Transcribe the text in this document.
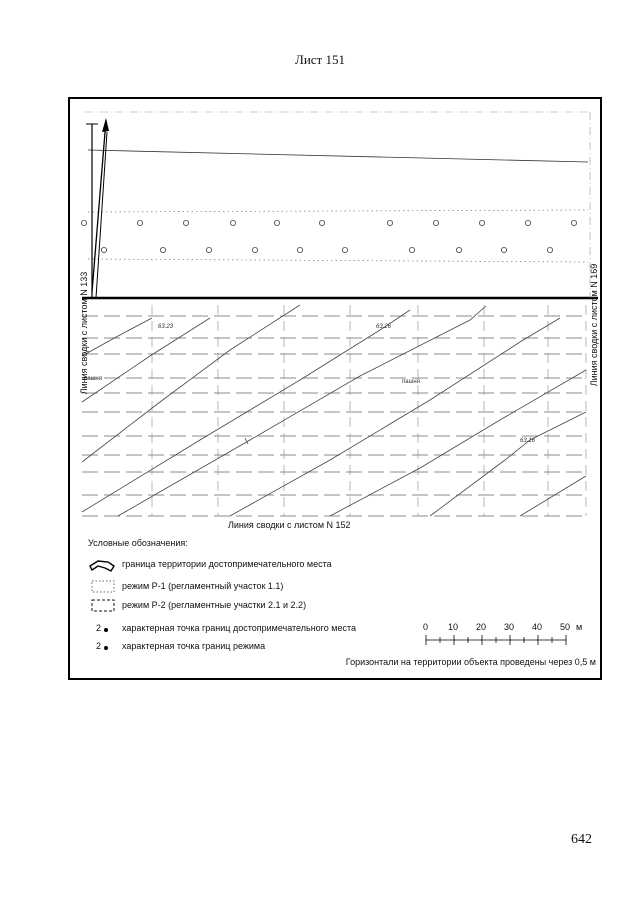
Лист 151
Линия сводки с листом N 133	Линия сводки с листом N 169
Линия сводки с листом N 152
63.23	63.26
63.16
пашня	пашня
Условные обозначения:
граница территории достопримечательного места
режим Р-1 (регламентный участок 1.1)
режим Р-2 (регламентные участки 2.1 и 2.2)
2 характерная точка границ достопримечательного места
2 характерная точка границ режима
0 10 20 30 40 50 м
Горизонтали на территории объекта проведены через 0,5 м
642
